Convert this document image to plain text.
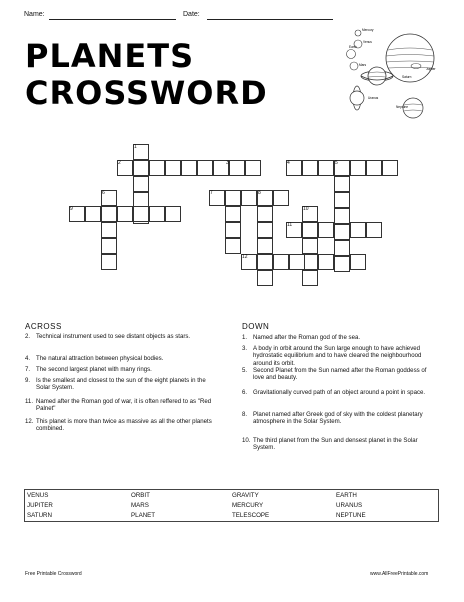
Name:	Date:
PLANETS
CROSSWORD
Mercury
Venus
Earth
Mars
Jupiter
Saturn
Uranus
Neptune
1
2	3	4	5
6	7	8
9	10
11
12
ACROSS
2. Technical instrument used to see distant objects as stars.
4. The natural attraction between physical bodies.
7. The second largest planet with many rings.
9. Is the smallest and closest to the sun of the eight planets in the Solar System.
11. Named after the Roman god of war, it is often reffered to as "Red Palnet"
12. This planet is more than twice as massive as all the other planets combined.
DOWN
1. Named after the Roman god of the sea.
3. A body in orbit around the Sun large enough to have achieved hydrostatic equilibrium and to have cleared the neighbourhood around its orbit.
5. Second Planet from the Sun named after the Roman goddess of love and beauty.
6. Gravitationally curved path of an object around a point in space.
8. Planet named after Greek god of sky with the coldest planetary atmosphere in the Solar System.
10. The third planet from the Sun and densest planet in the Solar System.
VENUS	ORBIT	GRAVITY	EARTH
JUPITER	MARS	MERCURY	URANUS
SATURN	PLANET	TELESCOPE	NEPTUNE
Free Printable Crossword	www.AllFreePrintable.com
